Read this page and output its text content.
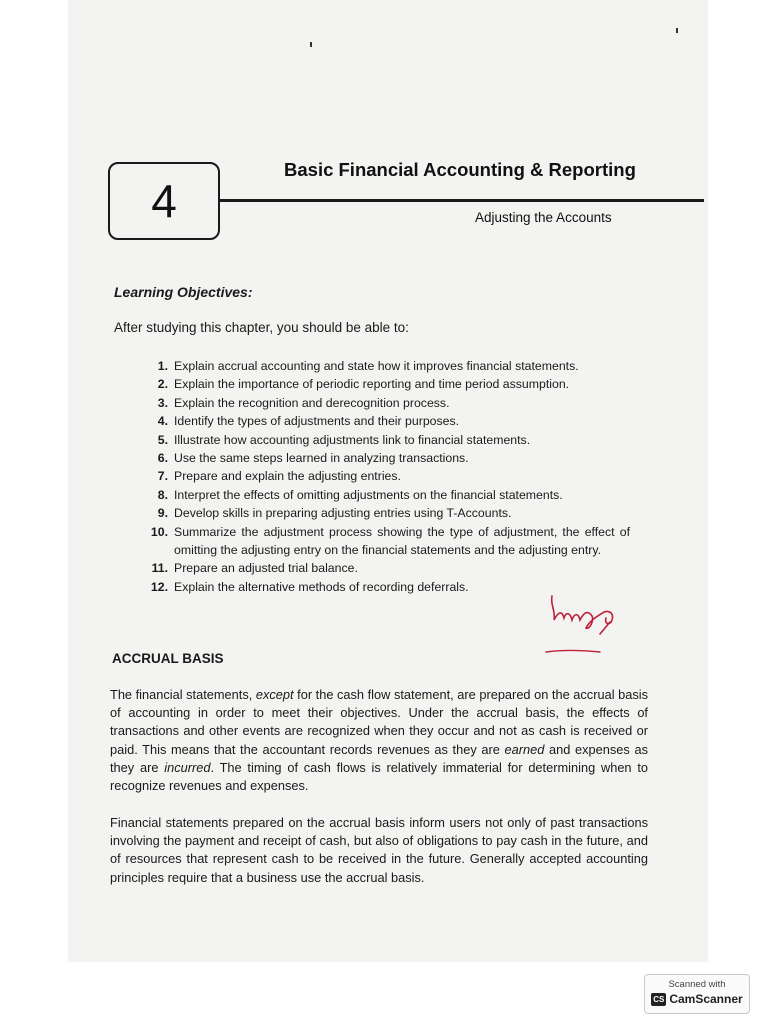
4
Basic Financial Accounting & Reporting
Adjusting the Accounts
Learning Objectives:
After studying this chapter, you should be able to:
1. Explain accrual accounting and state how it improves financial statements.
2. Explain the importance of periodic reporting and time period assumption.
3. Explain the recognition and derecognition process.
4. Identify the types of adjustments and their purposes.
5. Illustrate how accounting adjustments link to financial statements.
6. Use the same steps learned in analyzing transactions.
7. Prepare and explain the adjusting entries.
8. Interpret the effects of omitting adjustments on the financial statements.
9. Develop skills in preparing adjusting entries using T-Accounts.
10. Summarize the adjustment process showing the type of adjustment, the effect of omitting the adjusting entry on the financial statements and the adjusting entry.
11. Prepare an adjusted trial balance.
12. Explain the alternative methods of recording deferrals.
ACCRUAL BASIS

The financial statements, except for the cash flow statement, are prepared on the accrual basis of accounting in order to meet their objectives. Under the accrual basis, the effects of transactions and other events are recognized when they occur and not as cash is received or paid. This means that the accountant records revenues as they are earned and expenses as they are incurred. The timing of cash flows is relatively immaterial for determining when to recognize revenues and expenses.

Financial statements prepared on the accrual basis inform users not only of past transactions involving the payment and receipt of cash, but also of obligations to pay cash in the future, and of resources that represent cash to be received in the future. Generally accepted accounting principles require that a business use the accrual basis.

Scanned with
CS CamScanner
